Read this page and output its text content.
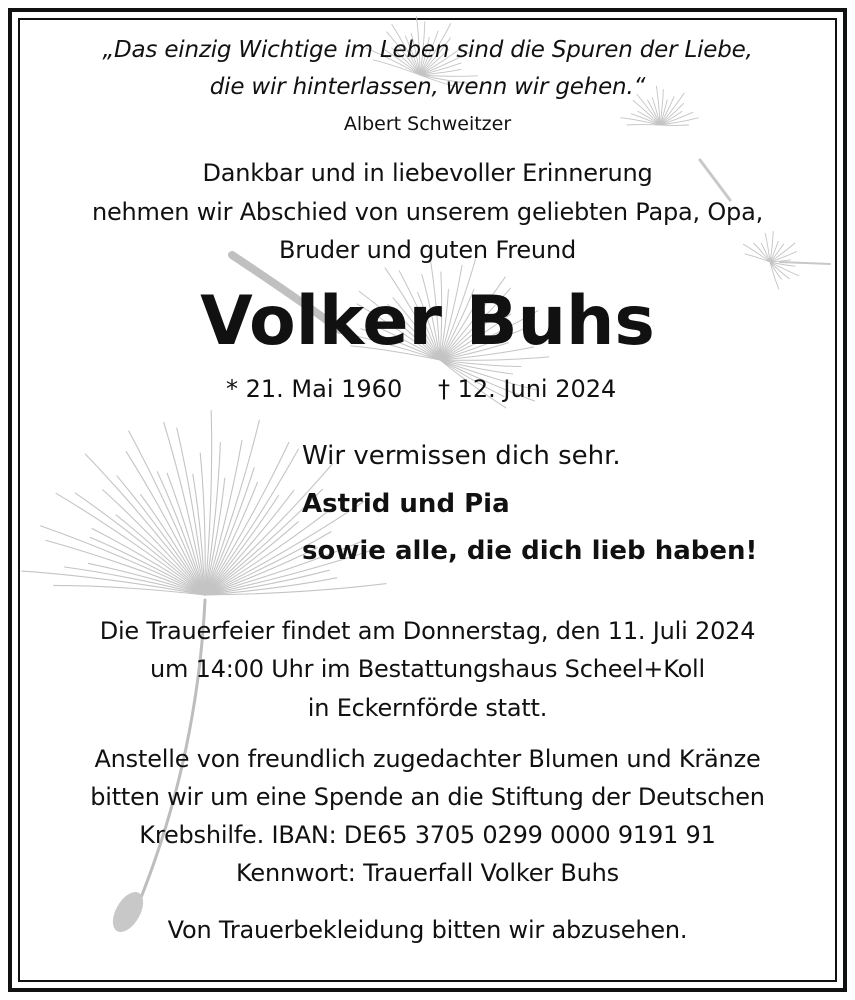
„Das einzig Wichtige im Leben sind die Spuren der Liebe,
die wir hinterlassen, wenn wir gehen.“
Albert Schweitzer
Dankbar und in liebevoller Erinnerung
nehmen wir Abschied von unserem geliebten Papa, Opa,
Bruder und guten Freund
Volker Buhs
* 21. Mai 1960 † 12. Juni 2024
Wir vermissen dich sehr.
Astrid und Pia
sowie alle, die dich lieb haben!
Die Trauerfeier findet am Donnerstag, den 11. Juli 2024
um 14:00 Uhr im Bestattungshaus Scheel+Koll
in Eckernförde statt.
Anstelle von freundlich zugedachter Blumen und Kränze
bitten wir um eine Spende an die Stiftung der Deutschen
Krebshilfe. IBAN: DE65 3705 0299 0000 9191 91
Kennwort: Trauerfall Volker Buhs
Von Trauerbekleidung bitten wir abzusehen.
